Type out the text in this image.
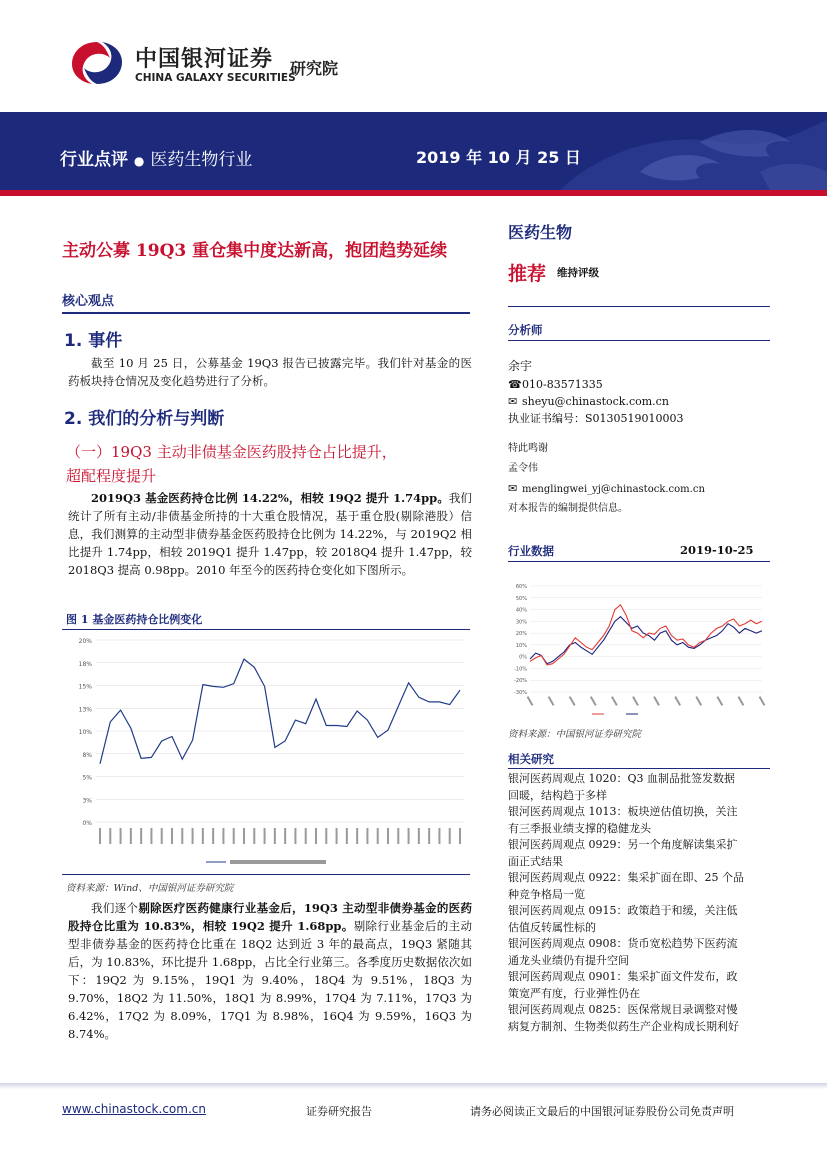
中国银河证券
CHINA GALAXY SECURITIES
研究院
行业点评 ● 医药生物行业	2019 年 10 月 25 日
主动公募 19Q3 重仓集中度达新高，抱团趋势延续
核心观点
1. 事件
截至 10 月 25 日，公募基金 19Q3 报告已披露完毕。我们针对基金的医药板块持仓情况及变化趋势进行了分析。
2. 我们的分析与判断
（一）19Q3 主动非债基金医药股持仓占比提升，
超配程度提升
2019Q3 基金医药持仓比例 14.22%，相较 19Q2 提升 1.74pp。我们统计了所有主动/非债基金所持的十大重仓股情况，基于重仓股(剔除港股）信息，我们测算的主动型非债券基金医药股持仓比例为 14.22%，与 2019Q2 相比提升 1.74pp，相较 2019Q1 提升 1.47pp，较 2018Q4 提升 1.47pp，较 2018Q3 提高 0.98pp。2010 年至今的医药持仓变化如下图所示。
图 1 基金医药持仓比例变化
0%
3%
5%
8%
10%
13%
15%
18%
20%
资料来源：Wind、中国银河证券研究院
我们逐个剔除医疗医药健康行业基金后，19Q3 主动型非债券基金的医药股持仓比重为 10.83%，相较 19Q2 提升 1.68pp。剔除行业基金后的主动型非债券基金的医药持仓比重在 18Q2 达到近 3 年的最高点，19Q3 紧随其后，为 10.83%，环比提升 1.68pp，占比全行业第三。各季度历史数据依次如下：19Q2 为 9.15%，19Q1 为 9.40%，18Q4 为 9.51%，18Q3 为 9.70%，18Q2 为 11.50%，18Q1 为 8.99%，17Q4 为 7.11%，17Q3 为 6.42%，17Q2 为 8.09%，17Q1 为 8.98%，16Q4 为 9.59%，16Q3 为 8.74%。
医药生物
推荐 维持评级
分析师
余宇
☎010-83571335
✉ sheyu@chinastock.com.cn
执业证书编号：S0130519010003
特此鸣谢
孟令伟
✉ menglingwei_yj@chinastock.com.cn
对本报告的编制提供信息。
行业数据	2019-10-25
-30%
-20%
-10%
0%
10%
20%
30%
40%
50%
60%
资料来源：中国银河证券研究院
相关研究
银河医药周观点 1020：Q3 血制品批签发数据回暖，结构趋于多样
银河医药周观点 1013：板块逆估值切换，关注有三季报业绩支撑的稳健龙头
银河医药周观点 0929：另一个角度解读集采扩面正式结果
银河医药周观点 0922：集采扩面在即、25 个品种竞争格局一览
银河医药周观点 0915：政策趋于和缓，关注低估值反转属性标的
银河医药周观点 0908：货币宽松趋势下医药流通龙头业绩仍有提升空间
银河医药周观点 0901：集采扩面文件发布，政策宽严有度，行业弹性仍在
银河医药周观点 0825：医保常规目录调整对慢病复方制剂、生物类似药生产企业构成长期利好
www.chinastock.com.cn	证券研究报告	请务必阅读正文最后的中国银河证券股份公司免责声明
